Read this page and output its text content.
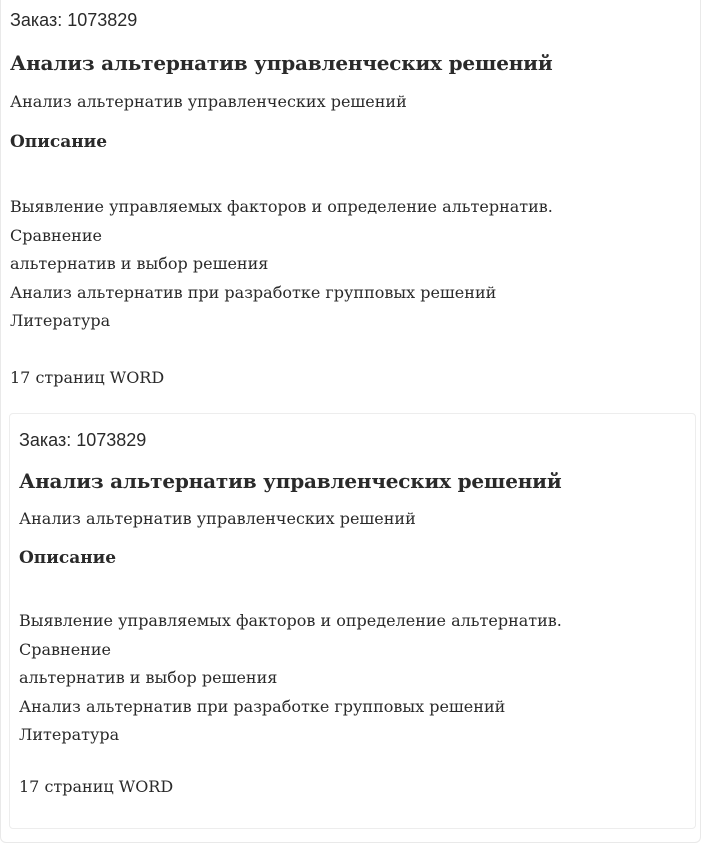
Заказ: 1073829
Анализ альтернатив управленческих решений
Анализ альтернатив управленческих решений
Описание
Выявление управляемых факторов и определение альтернатив.
Сравнение
альтернатив и выбор решения
Анализ альтернатив при разработке групповых решений
Литература
17 страниц WORD
Заказ: 1073829
Анализ альтернатив управленческих решений
Анализ альтернатив управленческих решений
Описание
Выявление управляемых факторов и определение альтернатив.
Сравнение
альтернатив и выбор решения
Анализ альтернатив при разработке групповых решений
Литература
17 страниц WORD
